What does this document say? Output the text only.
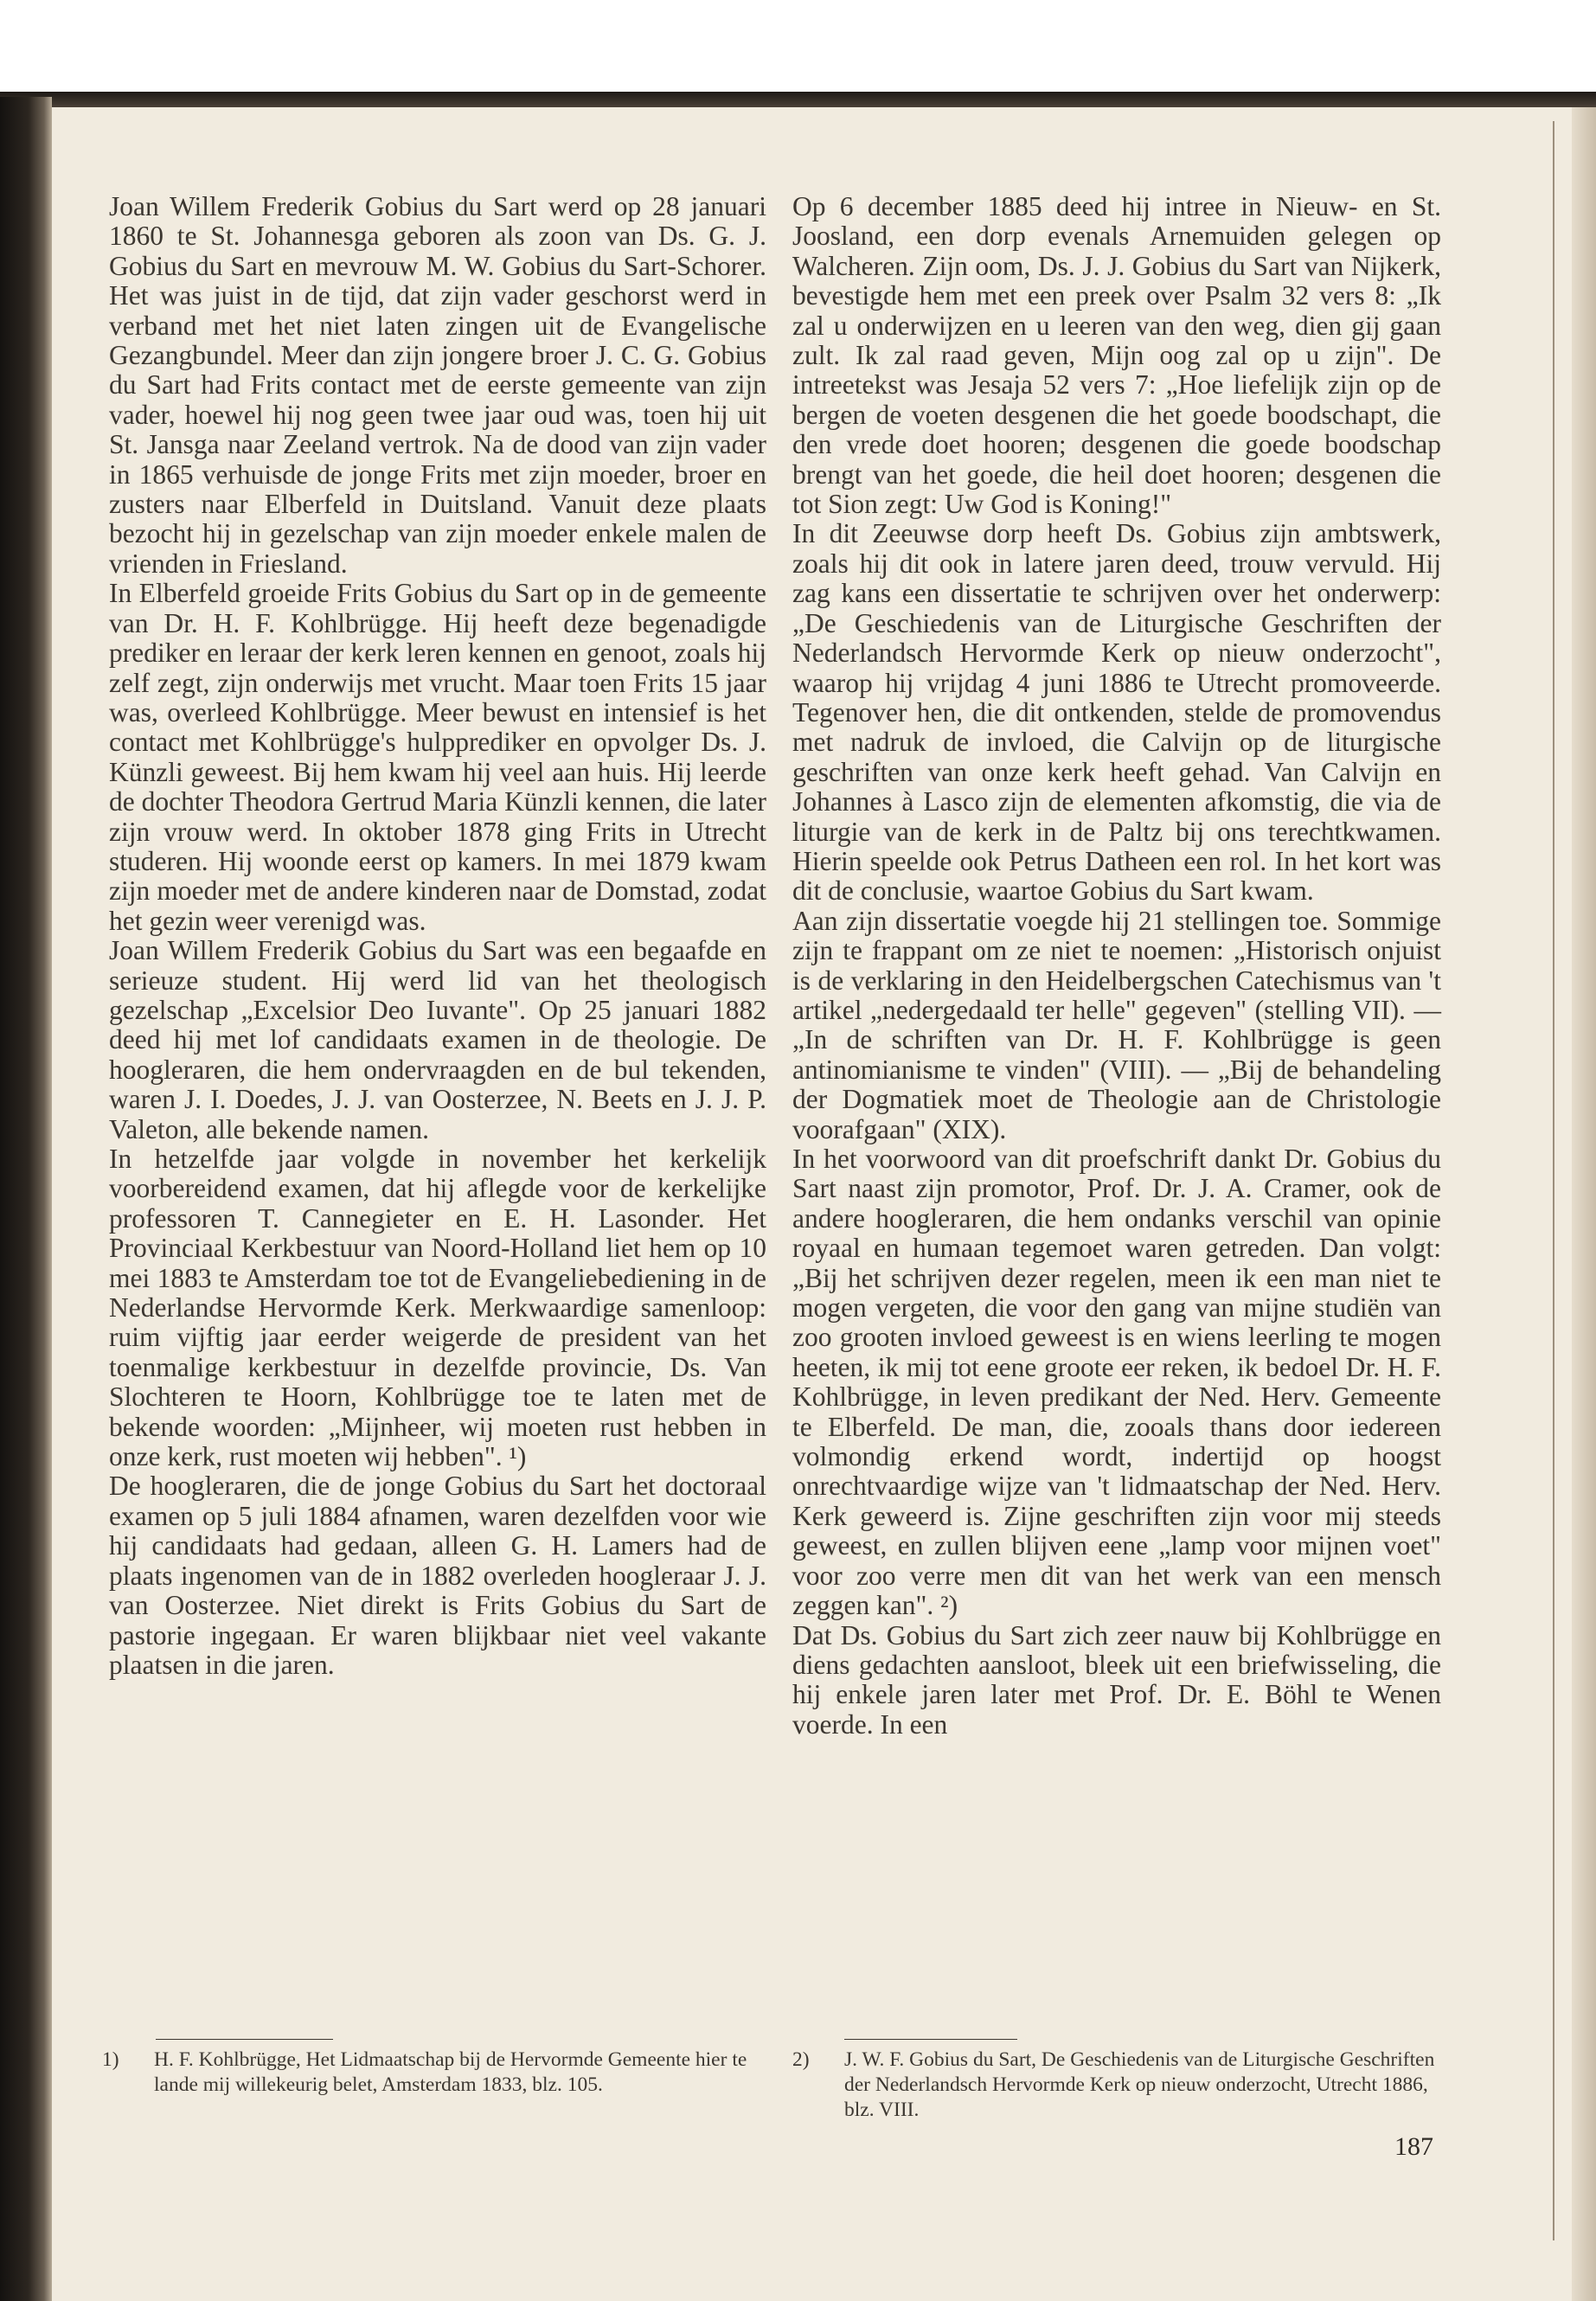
Joan Willem Frederik Gobius du Sart werd op 28 januari 1860 te St. Johannesga geboren als zoon van Ds. G. J. Gobius du Sart en mevrouw M. W. Gobius du Sart-Schorer. Het was juist in de tijd, dat zijn vader geschorst werd in verband met het niet laten zingen uit de Evangelische Gezangbundel. Meer dan zijn jongere broer J. C. G. Gobius du Sart had Frits contact met de eerste gemeente van zijn vader, hoewel hij nog geen twee jaar oud was, toen hij uit St. Jansga naar Zeeland vertrok. Na de dood van zijn vader in 1865 verhuisde de jonge Frits met zijn moeder, broer en zusters naar Elberfeld in Duitsland. Vanuit deze plaats bezocht hij in gezelschap van zijn moeder enkele malen de vrienden in Friesland.

In Elberfeld groeide Frits Gobius du Sart op in de gemeente van Dr. H. F. Kohlbrügge. Hij heeft deze begenadigde prediker en leraar der kerk leren kennen en genoot, zoals hij zelf zegt, zijn onderwijs met vrucht. Maar toen Frits 15 jaar was, overleed Kohlbrügge. Meer bewust en intensief is het contact met Kohlbrügge's hulpprediker en opvolger Ds. J. Künzli geweest. Bij hem kwam hij veel aan huis. Hij leerde de dochter Theodora Gertrud Maria Künzli kennen, die later zijn vrouw werd. In oktober 1878 ging Frits in Utrecht studeren. Hij woonde eerst op kamers. In mei 1879 kwam zijn moeder met de andere kinderen naar de Domstad, zodat het gezin weer verenigd was.

Joan Willem Frederik Gobius du Sart was een begaafde en serieuze student. Hij werd lid van het theologisch gezelschap „Excelsior Deo Iuvante". Op 25 januari 1882 deed hij met lof candidaats examen in de theologie. De hoogleraren, die hem ondervraagden en de bul tekenden, waren J. I. Doedes, J. J. van Oosterzee, N. Beets en J. J. P. Valeton, alle bekende namen.

In hetzelfde jaar volgde in november het kerkelijk voorbereidend examen, dat hij aflegde voor de kerkelijke professoren T. Cannegieter en E. H. Lasonder. Het Provinciaal Kerkbestuur van Noord-Holland liet hem op 10 mei 1883 te Amsterdam toe tot de Evangeliebediening in de Nederlandse Hervormde Kerk. Merkwaardige samenloop: ruim vijftig jaar eerder weigerde de president van het toenmalige kerkbestuur in dezelfde provincie, Ds. Van Slochteren te Hoorn, Kohlbrügge toe te laten met de bekende woorden: „Mijnheer, wij moeten rust hebben in onze kerk, rust moeten wij hebben". ¹)

De hoogleraren, die de jonge Gobius du Sart het doctoraal examen op 5 juli 1884 afnamen, waren dezelfden voor wie hij candidaats had gedaan, alleen G. H. Lamers had de plaats ingenomen van de in 1882 overleden hoogleraar J. J. van Oosterzee. Niet direkt is Frits Gobius du Sart de pastorie ingegaan. Er waren blijkbaar niet veel vakante plaatsen in die jaren.

Op 6 december 1885 deed hij intree in Nieuw- en St. Joosland, een dorp evenals Arnemuiden gelegen op Walcheren. Zijn oom, Ds. J. J. Gobius du Sart van Nijkerk, bevestigde hem met een preek over Psalm 32 vers 8: „Ik zal u onderwijzen en u leeren van den weg, dien gij gaan zult. Ik zal raad geven, Mijn oog zal op u zijn". De intreetekst was Jesaja 52 vers 7: „Hoe liefelijk zijn op de bergen de voeten desgenen die het goede boodschapt, die den vrede doet hooren; desgenen die goede boodschap brengt van het goede, die heil doet hooren; desgenen die tot Sion zegt: Uw God is Koning!"

In dit Zeeuwse dorp heeft Ds. Gobius zijn ambtswerk, zoals hij dit ook in latere jaren deed, trouw vervuld. Hij zag kans een dissertatie te schrijven over het onderwerp: „De Geschiedenis van de Liturgische Geschriften der Nederlandsch Hervormde Kerk op nieuw onderzocht", waarop hij vrijdag 4 juni 1886 te Utrecht promoveerde. Tegenover hen, die dit ontkenden, stelde de promovendus met nadruk de invloed, die Calvijn op de liturgische geschriften van onze kerk heeft gehad. Van Calvijn en Johannes à Lasco zijn de elementen afkomstig, die via de liturgie van de kerk in de Paltz bij ons terechtkwamen. Hierin speelde ook Petrus Datheen een rol. In het kort was dit de conclusie, waartoe Gobius du Sart kwam.

Aan zijn dissertatie voegde hij 21 stellingen toe. Sommige zijn te frappant om ze niet te noemen: „Historisch onjuist is de verklaring in den Heidelbergschen Catechismus van 't artikel „nedergedaald ter helle" gegeven" (stelling VII). — „In de schriften van Dr. H. F. Kohlbrügge is geen antinomianisme te vinden" (VIII). — „Bij de behandeling der Dogmatiek moet de Theologie aan de Christologie voorafgaan" (XIX).

In het voorwoord van dit proefschrift dankt Dr. Gobius du Sart naast zijn promotor, Prof. Dr. J. A. Cramer, ook de andere hoogleraren, die hem ondanks verschil van opinie royaal en humaan tegemoet waren getreden. Dan volgt: „Bij het schrijven dezer regelen, meen ik een man niet te mogen vergeten, die voor den gang van mijne studiën van zoo grooten invloed geweest is en wiens leerling te mogen heeten, ik mij tot eene groote eer reken, ik bedoel Dr. H. F. Kohlbrügge, in leven predikant der Ned. Herv. Gemeente te Elberfeld. De man, die, zooals thans door iedereen volmondig erkend wordt, indertijd op hoogst onrechtvaardige wijze van 't lidmaatschap der Ned. Herv. Kerk geweerd is. Zijne geschriften zijn voor mij steeds geweest, en zullen blijven eene „lamp voor mijnen voet" voor zoo verre men dit van het werk van een mensch zeggen kan". ²)

Dat Ds. Gobius du Sart zich zeer nauw bij Kohlbrügge en diens gedachten aansloot, bleek uit een briefwisseling, die hij enkele jaren later met Prof. Dr. E. Böhl te Wenen voerde. In een

1)	H. F. Kohlbrügge, Het Lidmaatschap bij de Hervormde Gemeente hier te lande mij willekeurig belet, Amsterdam 1833, blz. 105.
2)	J. W. F. Gobius du Sart, De Geschiedenis van de Liturgische Geschriften der Nederlandsch Hervormde Kerk op nieuw onderzocht, Utrecht 1886, blz. VIII.
187
